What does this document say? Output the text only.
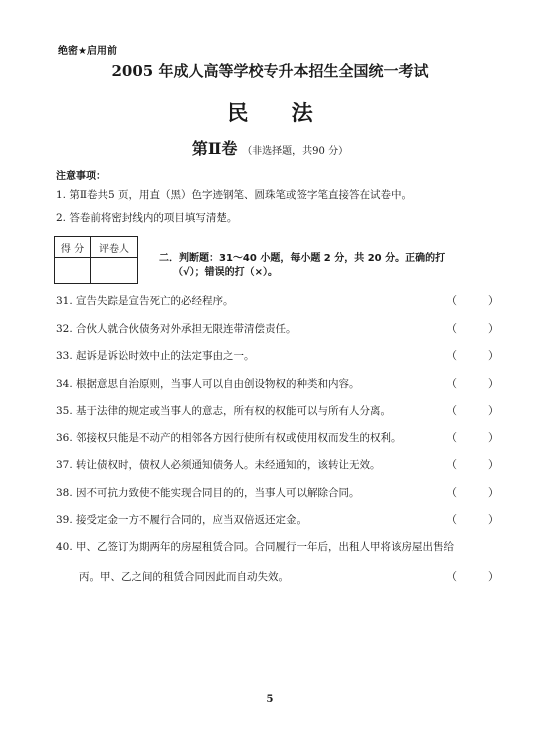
绝密★启用前
2005 年成人高等学校专升本招生全国统一考试
民 法
第Ⅱ卷 （非选择题，共90 分）
注意事项：
1. 第Ⅱ卷共5 页，用直（黑）色字迹钢笔、圆珠笔或签字笔直接答在试卷中。
2. 答卷前将密封线内的项目填写清楚。
得 分	评卷人
二．判断题：31～40 小题，每小题 2 分，共 20 分。正确的打
（√）；错误的打（×）。
31. 宣告失踪是宣告死亡的必经程序。	（	）
32. 合伙人就合伙债务对外承担无限连带清偿责任。	（	）
33. 起诉是诉讼时效中止的法定事由之一。	（	）
34. 根据意思自治原则，当事人可以自由创设物权的种类和内容。	（	）
35. 基于法律的规定或当事人的意志，所有权的权能可以与所有人分离。	（	）
36. 邻接权只能是不动产的相邻各方因行使所有权或使用权而发生的权利。	（	）
37. 转让债权时，债权人必须通知债务人。未经通知的，该转让无效。	（	）
38. 因不可抗力致使不能实现合同目的的，当事人可以解除合同。	（	）
39. 接受定金一方不履行合同的，应当双倍返还定金。	（	）
40. 甲、乙签订为期两年的房屋租赁合同。合同履行一年后，出租人甲将该房屋出售给
丙。甲、乙之间的租赁合同因此而自动失效。	（	）
5
